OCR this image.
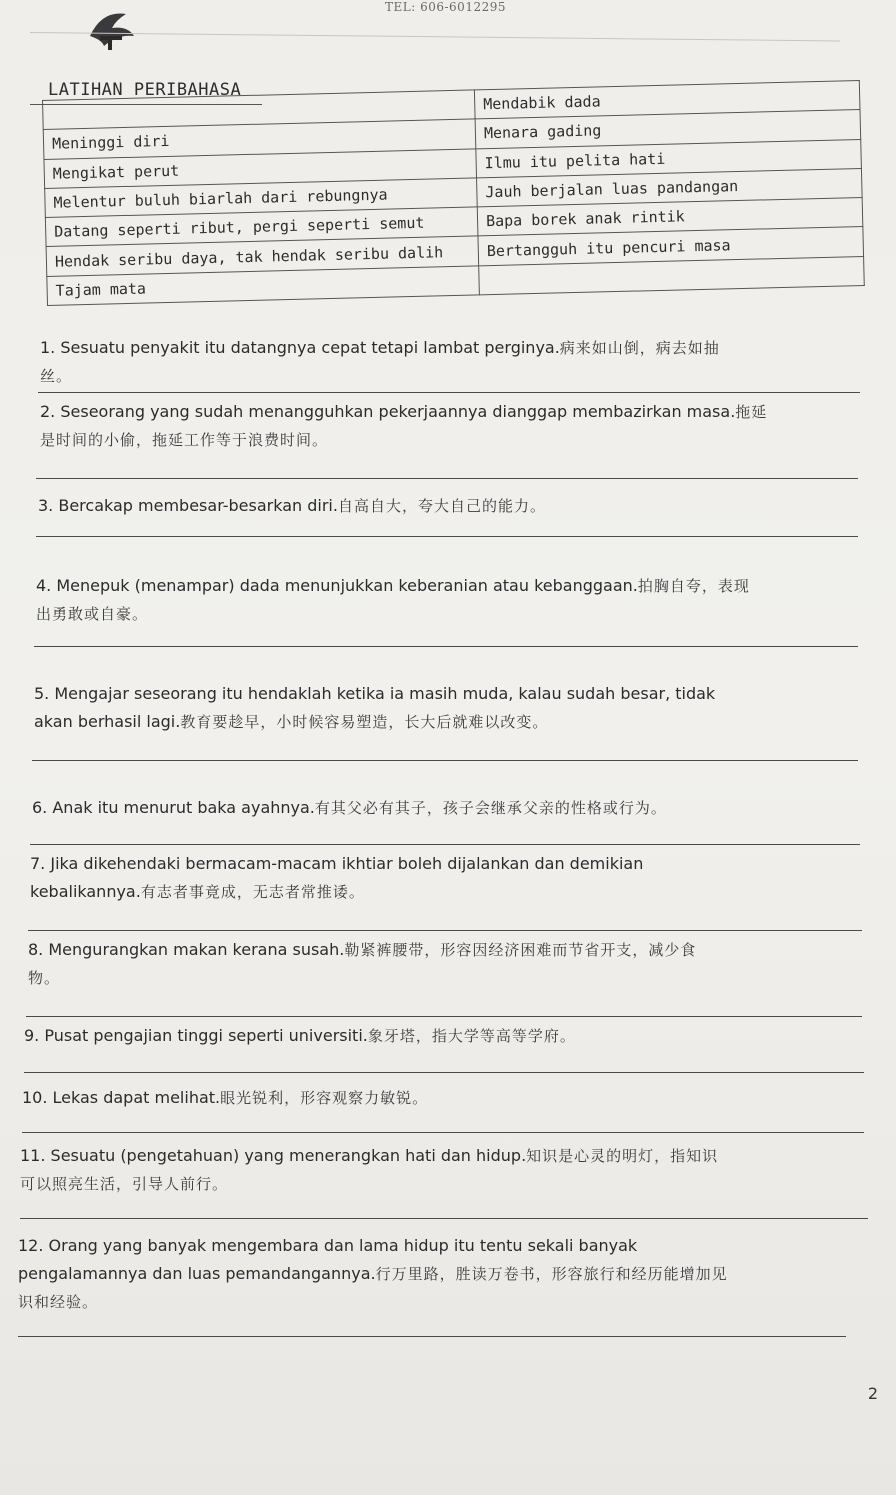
TEL: 606-6012295
LATIHAN PERIBAHASA
	Mendabik dada
Meninggi diri	Menara gading
Mengikat perut	Ilmu itu pelita hati
Melentur buluh biarlah dari rebungnya	Jauh berjalan luas pandangan
Datang seperti ribut, pergi seperti semut	Bapa borek anak rintik
Hendak seribu daya, tak hendak seribu dalih	Bertangguh itu pencuri masa
Tajam mata	
1. Sesuatu penyakit itu datangnya cepat tetapi lambat perginya.病来如山倒，病去如抽
丝。
2. Seseorang yang sudah menangguhkan pekerjaannya dianggap membazirkan masa.拖延
是时间的小偷，拖延工作等于浪费时间。
3. Bercakap membesar-besarkan diri.自高自大，夸大自己的能力。
4. Menepuk (menampar) dada menunjukkan keberanian atau kebanggaan.拍胸自夸，表现
出勇敢或自豪。
5. Mengajar seseorang itu hendaklah ketika ia masih muda, kalau sudah besar, tidak
akan berhasil lagi.教育要趁早，小时候容易塑造，长大后就难以改变。
6. Anak itu menurut baka ayahnya.有其父必有其子，孩子会继承父亲的性格或行为。
7. Jika dikehendaki bermacam-macam ikhtiar boleh dijalankan dan demikian
kebalikannya.有志者事竟成，无志者常推诿。
8. Mengurangkan makan kerana susah.勒紧裤腰带，形容因经济困难而节省开支，减少食
物。
9. Pusat pengajian tinggi seperti universiti.象牙塔，指大学等高等学府。
10. Lekas dapat melihat.眼光锐利，形容观察力敏锐。
11. Sesuatu (pengetahuan) yang menerangkan hati dan hidup.知识是心灵的明灯，指知识
可以照亮生活，引导人前行。
12. Orang yang banyak mengembara dan lama hidup itu tentu sekali banyak
pengalamannya dan luas pemandangannya.行万里路，胜读万卷书，形容旅行和经历能增加见
识和经验。
2
